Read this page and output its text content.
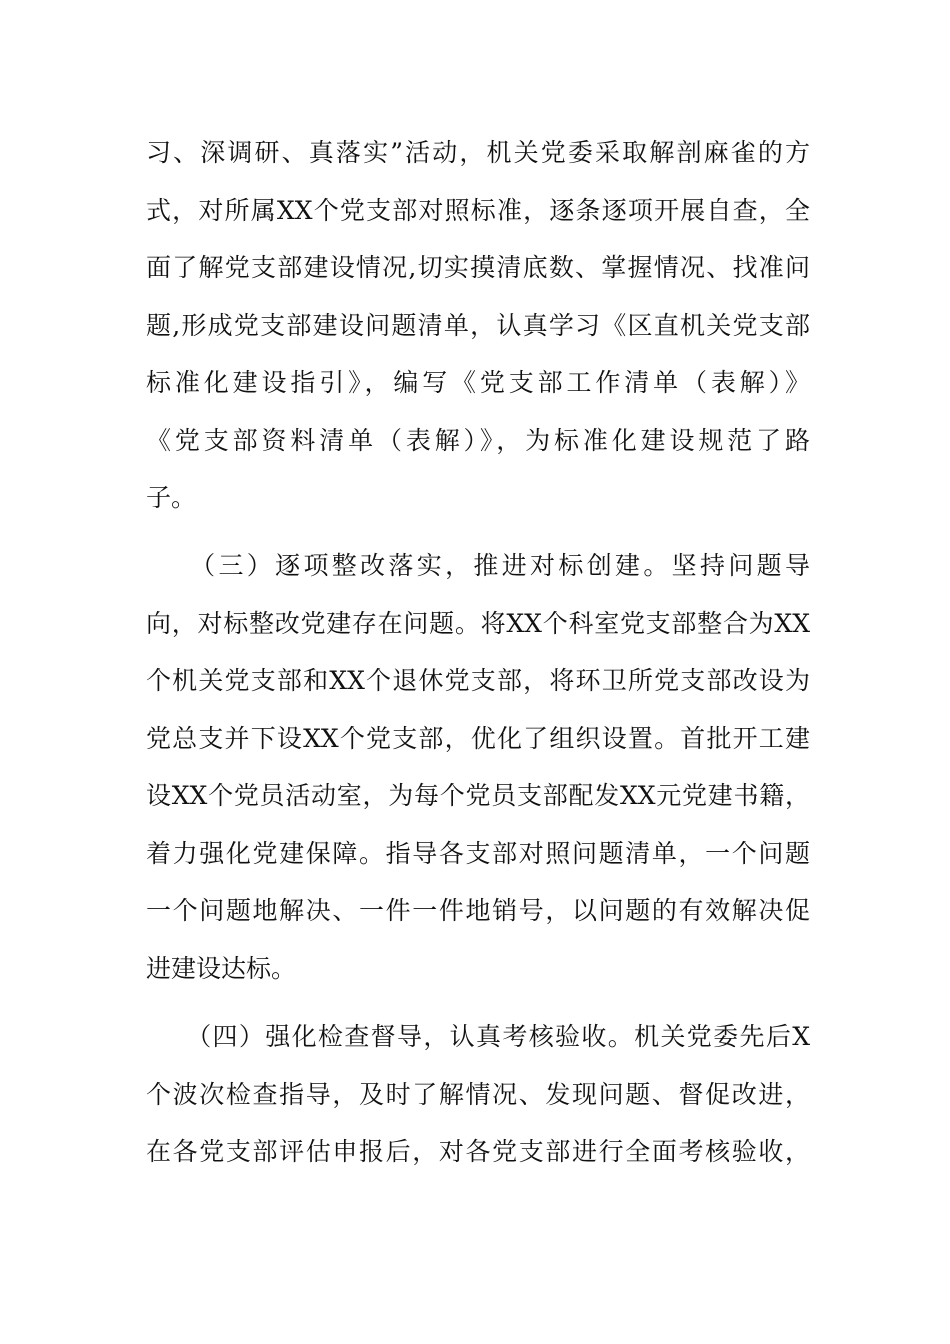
习、深调研、真落实”活动，机关党委采取解剖麻雀的方
式，对所属XX个党支部对照标准，逐条逐项开展自查，全
面了解党支部建设情况,切实摸清底数、掌握情况、找准问
题,形成党支部建设问题清单，认真学习《区直机关党支部
标准化建设指引》，编写《党支部工作清单（表解）》
《党支部资料清单（表解）》，为标准化建设规范了路
子。
　　（三）逐项整改落实，推进对标创建。坚持问题导
向，对标整改党建存在问题。将XX个科室党支部整合为XX
个机关党支部和XX个退休党支部，将环卫所党支部改设为
党总支并下设XX个党支部，优化了组织设置。首批开工建
设XX个党员活动室，为每个党员支部配发XX元党建书籍，
着力强化党建保障。指导各支部对照问题清单，一个问题
一个问题地解决、一件一件地销号，以问题的有效解决促
进建设达标。
　　（四）强化检查督导，认真考核验收。机关党委先后X
个波次检查指导，及时了解情况、发现问题、督促改进，
在各党支部评估申报后，对各党支部进行全面考核验收，
